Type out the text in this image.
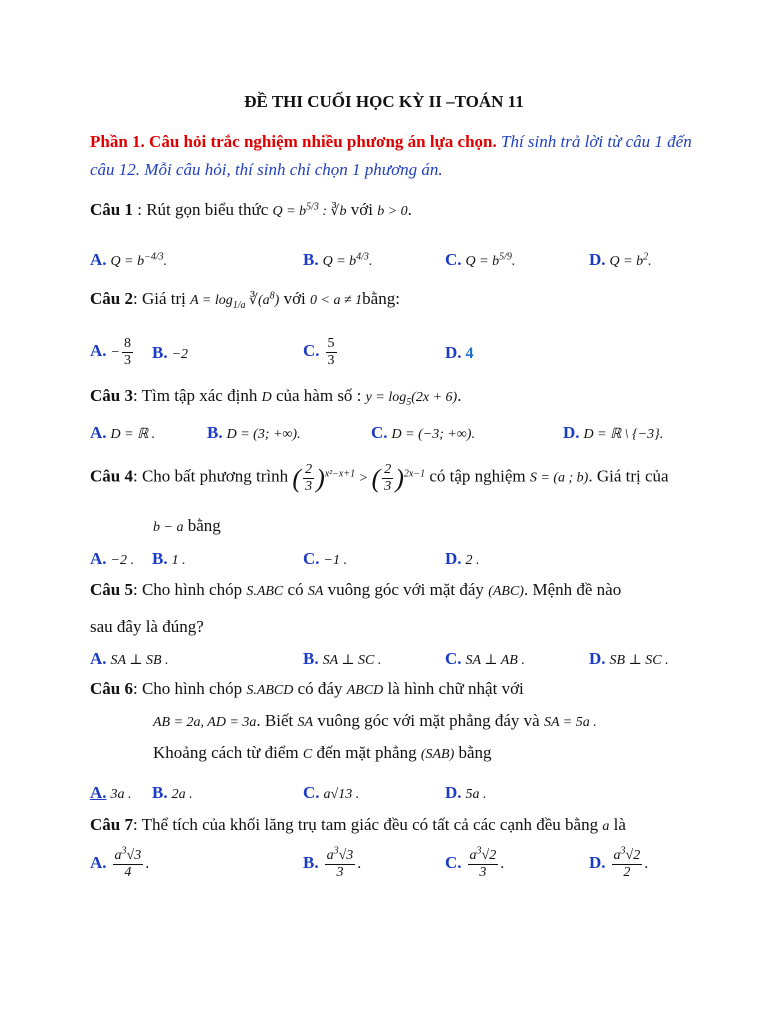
ĐỀ THI CUỐI HỌC KỲ II –TOÁN 11
Phần 1. Câu hỏi trắc nghiệm nhiều phương án lựa chọn. Thí sinh trả lời từ câu 1 đến câu 12. Mỗi câu hỏi, thí sinh chỉ chọn 1 phương án.
Câu 1 : Rút gọn biểu thức $Q = b^{5/3}$ : ∛b với b > 0.
A. $Q = b^{-4/3}$.	B. $Q = b^{4/3}$.	C. $Q = b^{5/9}$.	D. $Q = b^2$.
Câu 2: Giá trị $A = \log_{1/a}$ $∛(a^8)$ với 0 < a ≠ 1bằng:
A. − $\frac{8}{3} B$. −2	C. $\frac{5}{3}$	D. 4
Câu 3: Tìm tập xác định D của hàm số : $y = \log_5(2x + 6)$.
A. D = ℝ .	B. D = (3; +∞).	C. D = (−3; +∞).	D. D = ℝ \ {−3}.
Câu 4: Cho bất phương trình ( $\frac{2}{3} )^{x^2-x+1}$ > ( $\frac{2}{3} )^{2x-1}$ có tập nghiệm S = (a ; b). Giá trị của
b − a bằng
A. −2 . B. 1 .	C. −1 .	D. 2 .
Câu 5: Cho hình chóp S.ABC có SA vuông góc với mặt đáy (ABC). Mệnh đề nào
sau đây là đúng?
A. SA ⊥ SB .	B. SA ⊥ SC .	C. SA ⊥ AB .	D. SB ⊥ SC .
Câu 6: Cho hình chóp S.ABCD có đáy ABCD là hình chữ nhật với
AB = 2a, AD = 3a. Biết SA vuông góc với mặt phẳng đáy và SA = 5a .
Khoảng cách từ điểm C đến mặt phẳng (SAB) bằng
A. 3a . B. 2a .	C. a√13 .	D. 5a .
Câu 7: Thể tích của khối lăng trụ tam giác đều có tất cả các cạnh đều bằng a là
A. $\frac{a^3√3}{4}$ .	B. $\frac{a^3√3}{3}$ .	C. $\frac{a^3√2}{3}$ .	D. $\frac{a^3√2}{2}$ .
